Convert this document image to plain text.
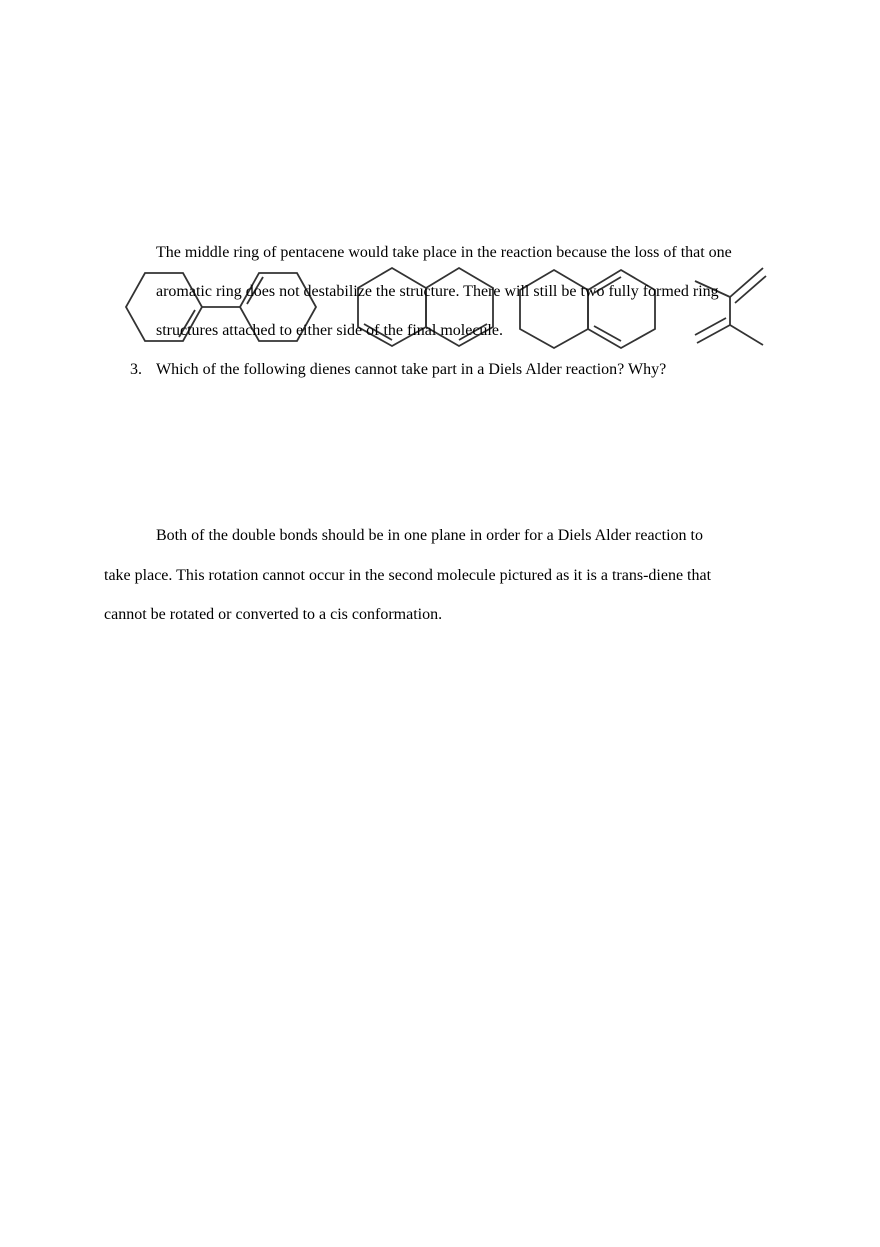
The middle ring of pentacene would take place in the reaction because the loss of that one
aromatic ring does not destabilize the structure. There will still be two fully formed ring
structures attached to either side of the final molecule.
3. Which of the following dienes cannot take part in a Diels Alder reaction? Why?
Both of the double bonds should be in one plane in order for a Diels Alder reaction to
take place. This rotation cannot occur in the second molecule pictured as it is a trans-diene that
cannot be rotated or converted to a cis conformation.
